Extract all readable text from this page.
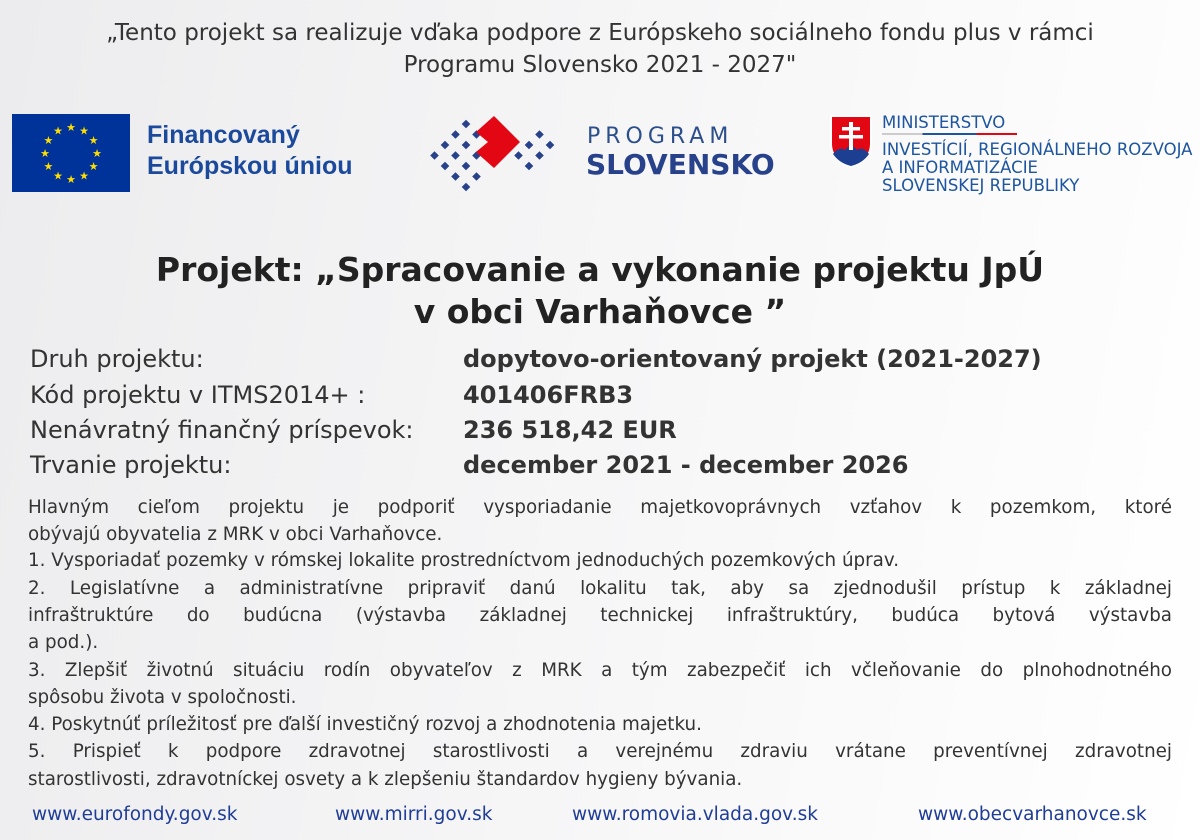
„Tento projekt sa realizuje vďaka podpore z Európskeho sociálneho fondu plus v rámci
Programu Slovensko 2021 - 2027"
★ ★
★
★
★
★
★
★
★
★
★
★	Financovaný
Európskou úniou
PROGRAM
SLOVENSKO
MINISTERSTVO
INVESTÍCIÍ, REGIONÁLNEHO ROZVOJA
A INFORMATIZÁCIE
SLOVENSKEJ REPUBLIKY
Projekt: „Spracovanie a vykonanie projektu JpÚ
v obci Varhaňovce ”
Druh projektu:	dopytovo-orientovaný projekt (2021-2027)
Kód projektu v ITMS2014+ :	401406FRB3
Nenávratný finančný príspevok: 236 518,42 EUR
Trvanie projektu:	december 2021 - december 2026
Hlavným cieľom projektu je podporiť vysporiadanie majetkovoprávnych vzťahov k pozemkom, ktoré
obývajú obyvatelia z MRK v obci Varhaňovce.
1. Vysporiadať pozemky v rómskej lokalite prostredníctvom jednoduchých pozemkových úprav.
2. Legislatívne a administratívne pripraviť danú lokalitu tak, aby sa zjednodušil prístup k základnej
infraštruktúre do budúcna (výstavba základnej technickej infraštruktúry, budúca bytová výstavba
a pod.).
3. Zlepšiť životnú situáciu rodín obyvateľov z MRK a tým zabezpečiť ich včleňovanie do plnohodnotného
spôsobu života v spoločnosti.
4. Poskytnúť príležitosť pre ďalší investičný rozvoj a zhodnotenia majetku.
5. Prispieť k podpore zdravotnej starostlivosti a verejnému zdraviu vrátane preventívnej zdravotnej
starostlivosti, zdravotníckej osvety a k zlepšeniu štandardov hygieny bývania.
www.eurofondy.gov.sk	www.mirri.gov.sk	www.romovia.vlada.gov.sk	www.obecvarhanovce.sk
